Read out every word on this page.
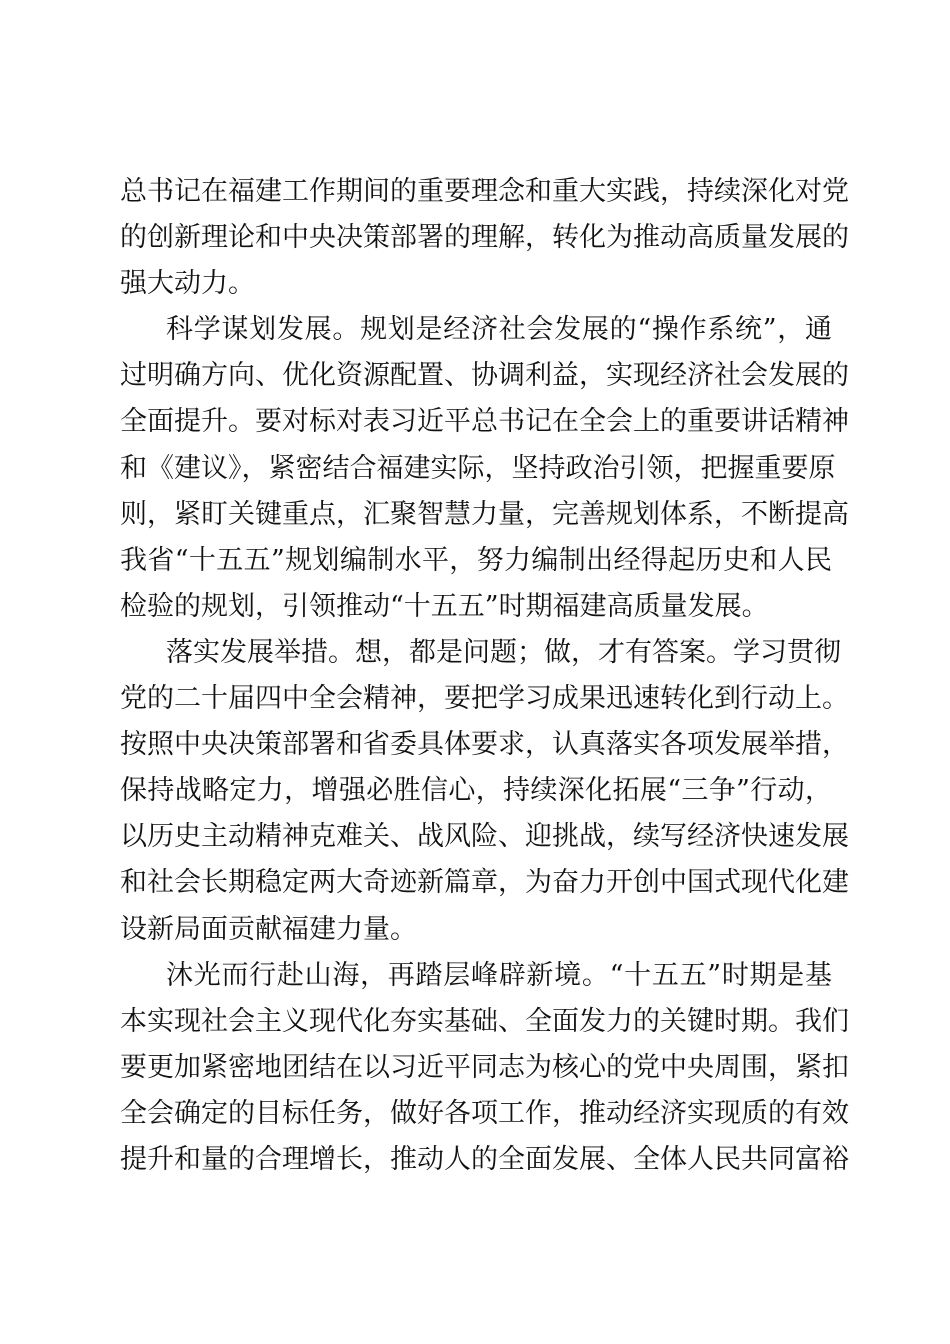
总书记在福建工作期间的重要理念和重大实践，持续深化对党
的创新理论和中央决策部署的理解，转化为推动高质量发展的
强大动力。
科学谋划发展。规划是经济社会发展的“操作系统”，通
过明确方向、优化资源配置、协调利益，实现经济社会发展的
全面提升。要对标对表习近平总书记在全会上的重要讲话精神
和《建议》，紧密结合福建实际，坚持政治引领，把握重要原
则，紧盯关键重点，汇聚智慧力量，完善规划体系，不断提高
我省“十五五”规划编制水平，努力编制出经得起历史和人民
检验的规划，引领推动“十五五”时期福建高质量发展。
落实发展举措。想，都是问题；做，才有答案。学习贯彻
党的二十届四中全会精神，要把学习成果迅速转化到行动上。
按照中央决策部署和省委具体要求，认真落实各项发展举措，
保持战略定力，增强必胜信心，持续深化拓展“三争”行动，
以历史主动精神克难关、战风险、迎挑战，续写经济快速发展
和社会长期稳定两大奇迹新篇章，为奋力开创中国式现代化建
设新局面贡献福建力量。
沐光而行赴山海，再踏层峰辟新境。“十五五”时期是基
本实现社会主义现代化夯实基础、全面发力的关键时期。我们
要更加紧密地团结在以习近平同志为核心的党中央周围，紧扣
全会确定的目标任务，做好各项工作，推动经济实现质的有效
提升和量的合理增长，推动人的全面发展、全体人民共同富裕
